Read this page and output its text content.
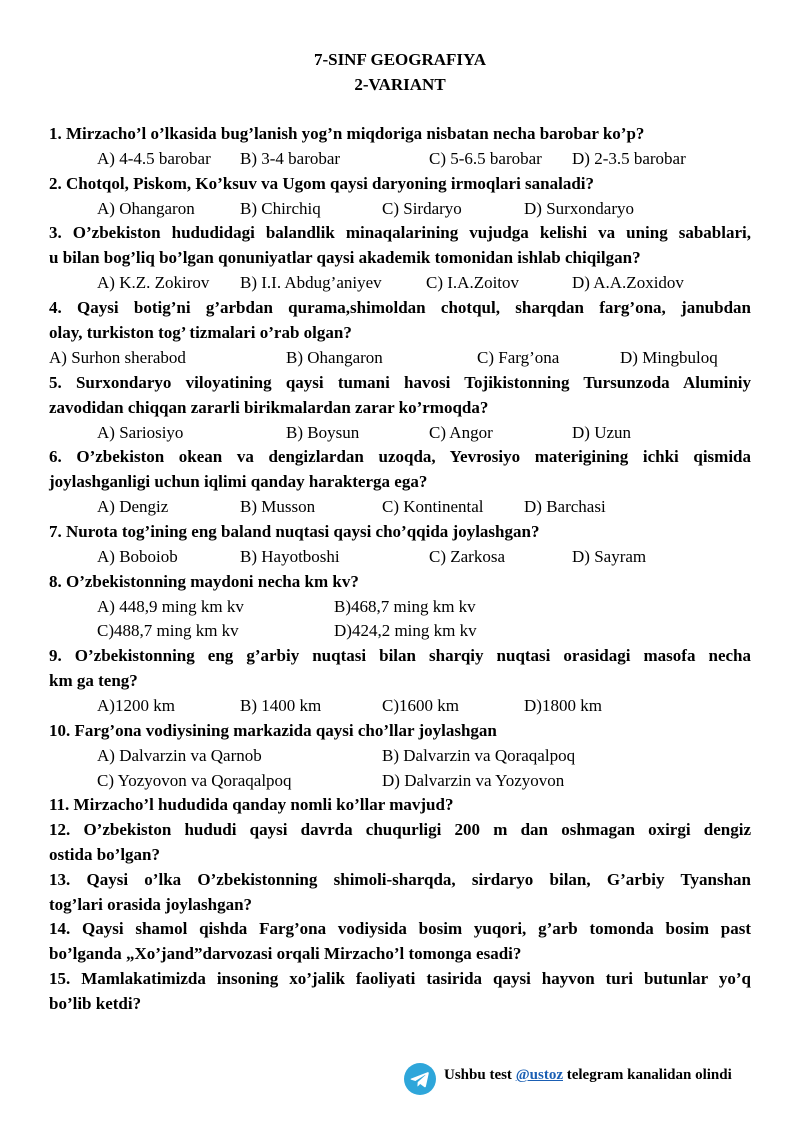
7-SINF GEOGRAFIYA
2-VARIANT
1. Mirzacho’l o’lkasida bug’lanish yog’n miqdoriga nisbatan necha barobar ko’p?
A) 4-4.5 barobar B) 3-4 barobar	C) 5-6.5 barobar D) 2-3.5 barobar
2. Chotqol, Piskom, Ko’ksuv va Ugom qaysi daryoning irmoqlari sanaladi?
A) Ohangaron	B) Chirchiq	C) Sirdaryo	D) Surxondaryo
3. O’zbekiston hududidagi balandlik minaqalarining vujudga kelishi va uning sabablari,
u bilan bog’liq bo’lgan qonuniyatlar qaysi akademik tomonidan ishlab chiqilgan?
A) K.Z. Zokirov B) I.I. Abdug’aniyev	C) I.A.Zoitov	D) A.A.Zoxidov
4. Qaysi botig’ni g’arbdan qurama,shimoldan chotqul, sharqdan farg’ona, janubdan
olay, turkiston tog’ tizmalari o’rab olgan?
A) Surhon sherabod	B) Ohangaron	C) Farg’ona	D) Mingbuloq
5. Surxondaryo viloyatining qaysi tumani havosi Tojikistonning Tursunzoda Aluminiy
zavodidan chiqqan zararli birikmalardan zarar ko’rmoqda?
A) Sariosiyo	B) Boysun	C) Angor	D) Uzun
6. O’zbekiston okean va dengizlardan uzoqda, Yevrosiyo materigining ichki qismida
joylashganligi uchun iqlimi qanday harakterga ega?
A) Dengiz	B) Musson	C) Kontinental D) Barchasi
7. Nurota tog’ining eng baland nuqtasi qaysi cho’qqida joylashgan?
A) Boboiob	B) Hayotboshi	C) Zarkosa	D) Sayram
8. O’zbekistonning maydoni necha km kv?
A) 448,9 ming km kv	B)468,7 ming km kv
C)488,7 ming km kv	D)424,2 ming km kv
9. O’zbekistonning eng g’arbiy nuqtasi bilan sharqiy nuqtasi orasidagi masofa necha
km ga teng?
A)1200 km	B) 1400 km	C)1600 km	D)1800 km
10. Farg’ona vodiysining markazida qaysi cho’llar joylashgan
A) Dalvarzin va Qarnob	B) Dalvarzin va Qoraqalpoq
C) Yozyovon va Qoraqalpoq	D) Dalvarzin va Yozyovon
11. Mirzacho’l hududida qanday nomli ko’llar mavjud?
12. O’zbekiston hududi qaysi davrda chuqurligi 200 m dan oshmagan oxirgi dengiz
ostida bo’lgan?
13. Qaysi o’lka O’zbekistonning shimoli-sharqda, sirdaryo bilan, G’arbiy Tyanshan
tog’lari orasida joylashgan?
14. Qaysi shamol qishda Farg’ona vodiysida bosim yuqori, g’arb tomonda bosim past
bo’lganda „Xo’jand”darvozasi orqali Mirzacho’l tomonga esadi?
15. Mamlakatimizda insoning xo’jalik faoliyati tasirida qaysi hayvon turi butunlar yo’q
bo’lib ketdi?
Ushbu test @ustoz telegram kanalidan olindi
